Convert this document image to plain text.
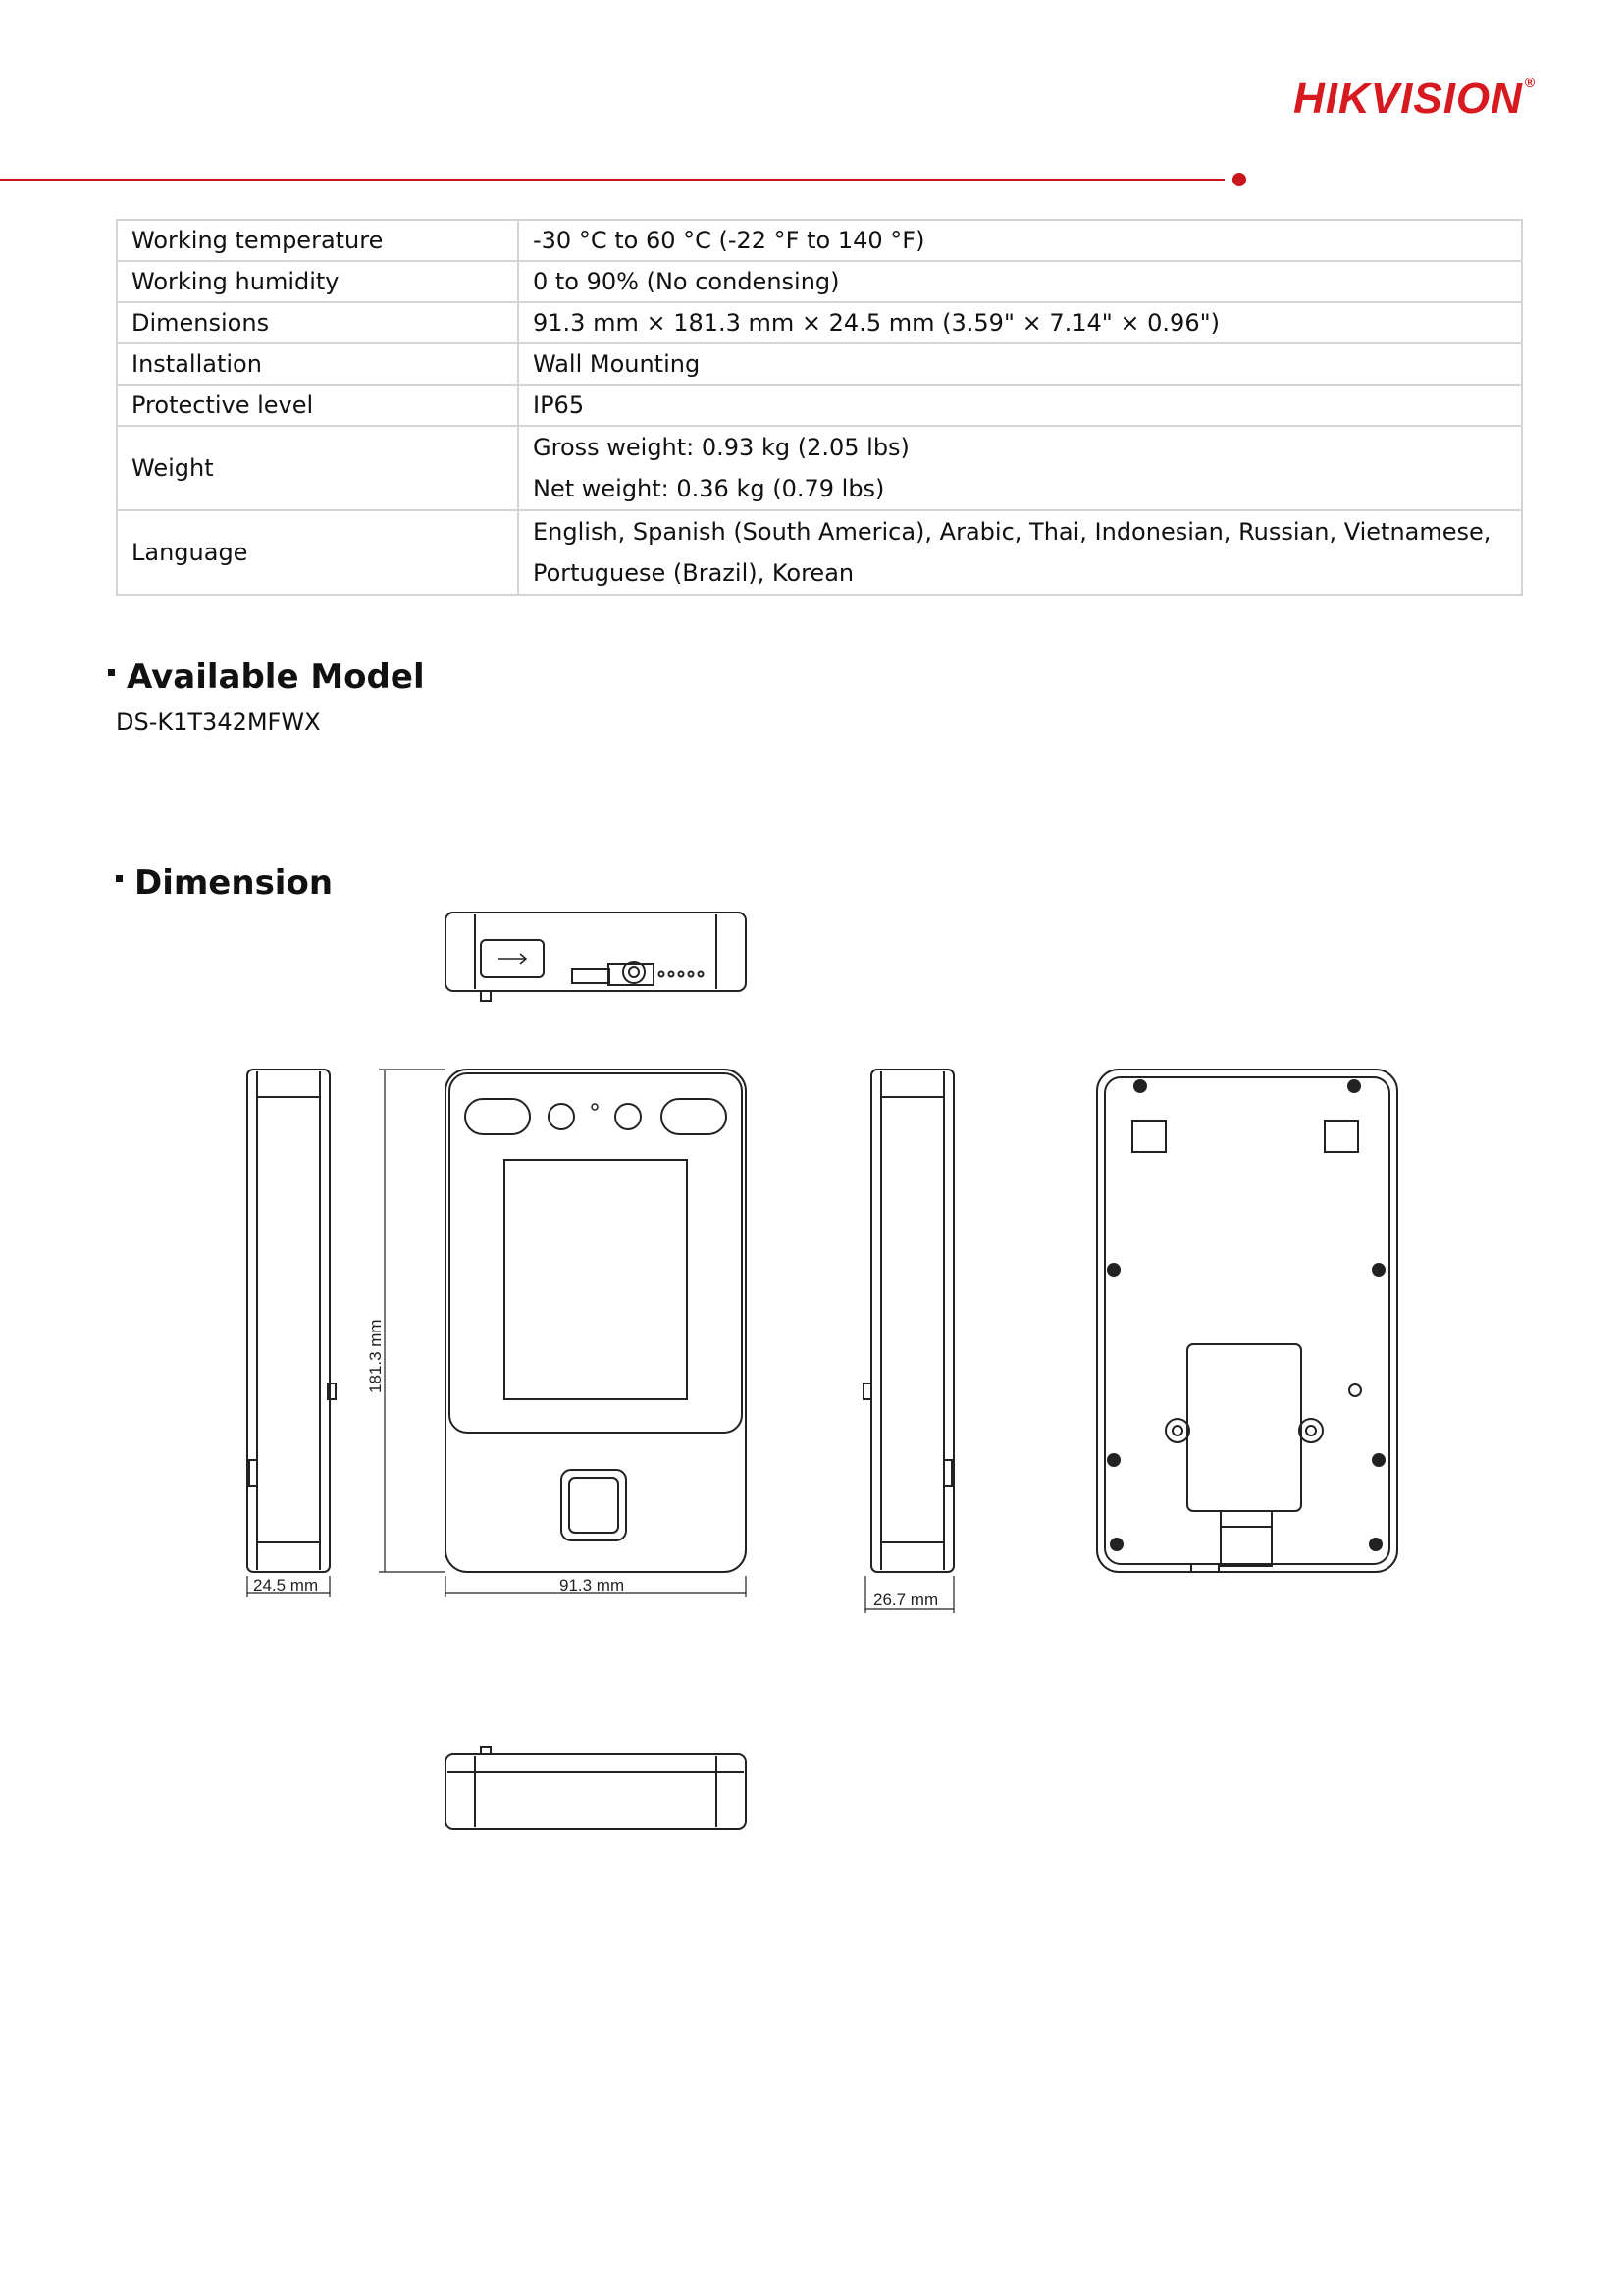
HIKVISION ®
Working temperature	-30 °C to 60 °C (-22 °F to 140 °F)
Working humidity	0 to 90% (No condensing)
Dimensions	91.3 mm × 181.3 mm × 24.5 mm (3.59" × 7.14" × 0.96")
Installation	Wall Mounting
Protective level	IP65
Weight	Gross weight: 0.93 kg (2.05 lbs)
Net weight: 0.36 kg (0.79 lbs)

Language	English, Spanish (South America), Arabic, Thai, Indonesian, Russian, Vietnamese,
Portuguese (Brazil), Korean
Available Model
DS-K1T342MFWX
Dimension
181.3 mm
91.3 mm
24.5 mm
26.7 mm
